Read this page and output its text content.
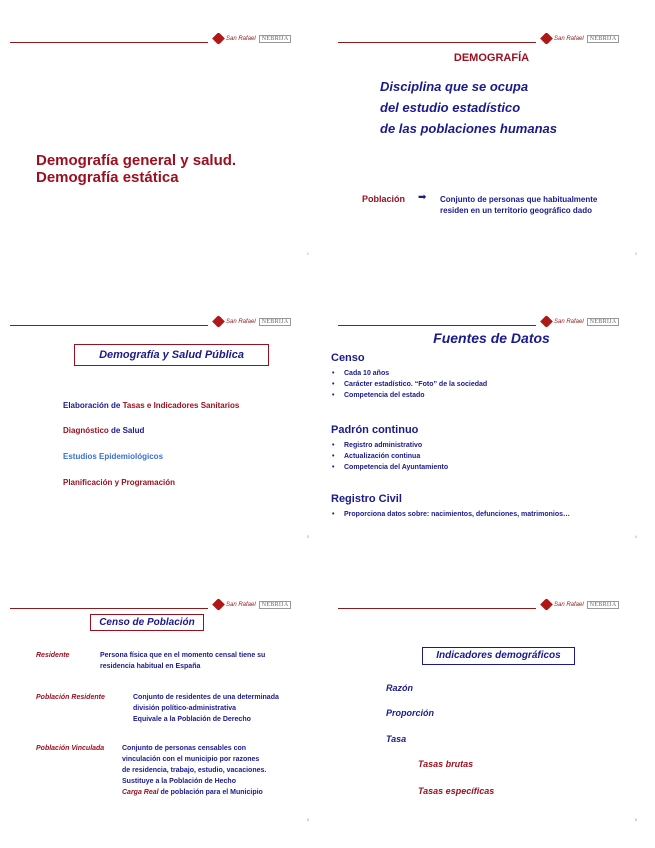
San Rafael	NEBRIJA
Demografía general y salud.
Demografía estática
1
San Rafael	NEBRIJA
DEMOGRAFÍA
Disciplina que se ocupa
del estudio estadístico
de las poblaciones humanas
Población ➡ Conjunto de personas que habitualmente
residen en un territorio geográfico dado
2
San Rafael	NEBRIJA
Demografía y Salud Pública
Elaboración de Tasas e Indicadores Sanitarios
Diagnóstico de Salud
Estudios Epidemiológicos
Planificación y Programación
3
San Rafael	NEBRIJA
Fuentes de Datos
Censo
• Cada 10 años
• Carácter estadístico. “Foto” de la sociedad
• Competencia del estado
Padrón continuo
• Registro administrativo
• Actualización continua
• Competencia del Ayuntamiento
Registro Civil
• Proporciona datos sobre: nacimientos, defunciones, matrimonios…
4
San Rafael	NEBRIJA
Censo de Población
Residente	Persona física que en el momento censal tiene su
residencia habitual en España
Población Residente	Conjunto de residentes de una determinada
división político-administrativa
Equivale a la Población de Derecho
Población Vinculada	Conjunto de personas censables con
vinculación con el municipio por razones
de residencia, trabajo, estudio, vacaciones.
Sustituye a la Población de Hecho
Carga Real de población para el Municipio
5
San Rafael	NEBRIJA
Indicadores demográficos
Razón
Proporción
Tasa
Tasas brutas
Tasas específicas
6
